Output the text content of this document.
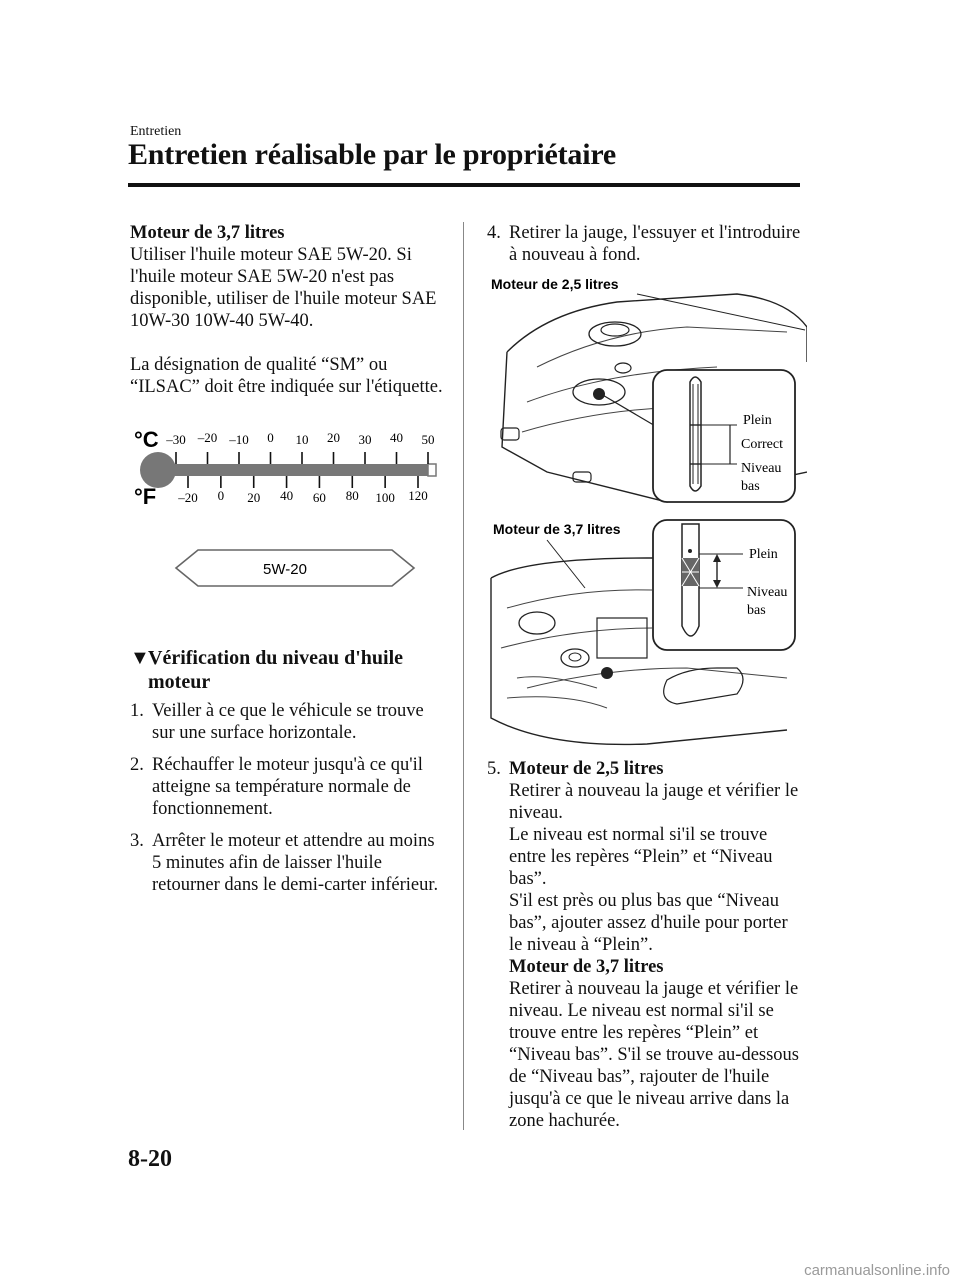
Entretien
Entretien réalisable par le propriétaire

Moteur de 3,7 litres

Utiliser l'huile moteur SAE 5W-20. Si

l'huile moteur SAE 5W-20 n'est pas

disponible, utiliser de l'huile moteur SAE

10W-30 10W-40 5W-40.

La désignation de qualité “SM” ou

“ILSAC” doit être indiquée sur l'étiquette.

°C
°F
–30 –20 –10 0 10 20 30 40 50
–20 0 20 40 60 80 100 120
5W-20
▼Vérification du niveau d'huile
moteur
1. Veiller à ce que le véhicule se trouve
sur une surface horizontale.
2. Réchauffer le moteur jusqu'à ce qu'il
atteigne sa température normale de
fonctionnement.
3. Arrêter le moteur et attendre au moins
5 minutes afin de laisser l'huile
retourner dans le demi-carter inférieur.
4. Retirer la jauge, l'essuyer et l'introduire
à nouveau à fond.
Moteur de 2,5 litres
Plein
Correct
Niveau
bas
Moteur de 3,7 litres
Plein
Niveau
bas
5. Moteur de 2,5 litres
Retirer à nouveau la jauge et vérifier le
niveau.
Le niveau est normal si'il se trouve
entre les repères “Plein” et “Niveau
bas”.
S'il est près ou plus bas que “Niveau
bas”, ajouter assez d'huile pour porter
le niveau à “Plein”.
Moteur de 3,7 litres
Retirer à nouveau la jauge et vérifier le
niveau. Le niveau est normal si'il se
trouve entre les repères “Plein” et
“Niveau bas”. S'il se trouve au-dessous
de “Niveau bas”, rajouter de l'huile
jusqu'à ce que le niveau arrive dans la
zone hachurée.
8-20
carmanualsonline.info
